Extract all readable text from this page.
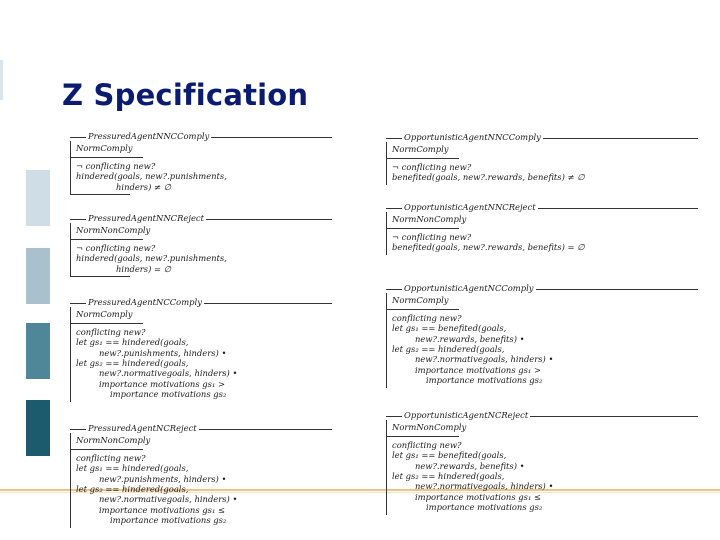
Z Specification
PressuredAgentNNCComply
NormComply
¬ conflicting new?
hindered(goals, new?.punishments,
hinders) ≠ ∅
PressuredAgentNNCReject
NormNonComply
¬ conflicting new?
hindered(goals, new?.punishments,
hinders) = ∅
PressuredAgentNCComply
NormComply
conflicting new?
let gs₁ == hindered(goals,
new?.punishments, hinders) •
let gs₂ == hindered(goals,
new?.normativegoals, hinders) •
importance motivations gs₁ >
importance motivations gs₂
PressuredAgentNCReject
NormNonComply
conflicting new?
let gs₁ == hindered(goals,
new?.punishments, hinders) •
let gs₂ == hindered(goals,
new?.normativegoals, hinders) •
importance motivations gs₁ ≤
importance motivations gs₂
OpportunisticAgentNNCComply
NormComply
¬ conflicting new?
benefited(goals, new?.rewards, benefits) ≠ ∅
OpportunisticAgentNNCReject
NormNonComply
¬ conflicting new?
benefited(goals, new?.rewards, benefits) = ∅
OpportunisticAgentNCComply
NormComply
conflicting new?
let gs₁ == benefited(goals,
new?.rewards, benefits) •
let gs₂ == hindered(goals,
new?.normativegoals, hinders) •
importance motivations gs₁ >
importance motivations gs₂
OpportunisticAgentNCReject
NormNonComply
conflicting new?
let gs₁ == benefited(goals,
new?.rewards, benefits) •
let gs₂ == hindered(goals,
new?.normativegoals, hinders) •
importance motivations gs₁ ≤
importance motivations gs₂
